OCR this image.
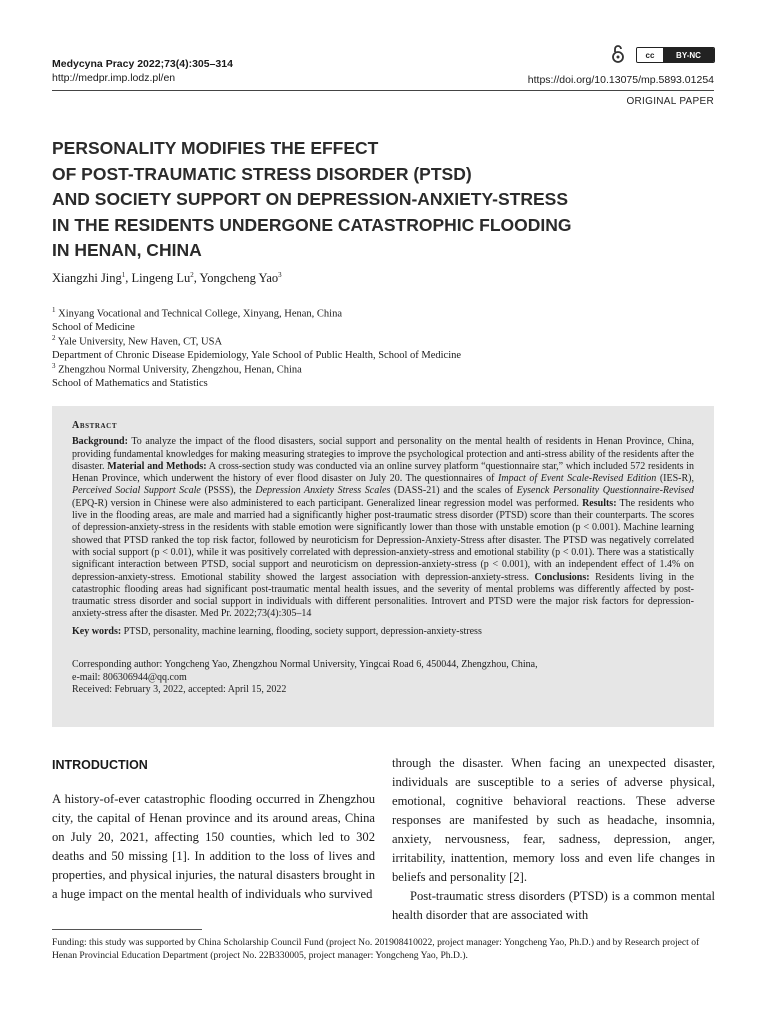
Medycyna Pracy 2022;73(4):305–314
http://medpr.imp.lodz.pl/en
cc	BY-NC
https://doi.org/10.13075/mp.5893.01254
ORIGINAL PAPER
PERSONALITY MODIFIES THE EFFECT
OF POST-TRAUMATIC STRESS DISORDER (PTSD)
AND SOCIETY SUPPORT ON DEPRESSION-ANXIETY-STRESS
IN THE RESIDENTS UNDERGONE CATASTROPHIC FLOODING
IN HENAN, CHINA
Xiangzhi Jing$^1$, Lingeng Lu$^2$, Yongcheng Yao$^3$
$^1$ Xinyang Vocational and Technical College, Xinyang, Henan, China
School of Medicine
$^2$ Yale University, New Haven, CT, USA
Department of Chronic Disease Epidemiology, Yale School of Public Health, School of Medicine
$^3$ Zhengzhou Normal University, Zhengzhou, Henan, China
School of Mathematics and Statistics
Abstract

Background: To analyze the impact of the flood disasters, social support and personality on the mental health of residents in Henan Province, China, providing fundamental knowledges for making measuring strategies to improve the psychological protection and anti-stress ability of the residents after the disaster. Material and Methods: A cross-section study was conducted via an online survey platform “questionnaire star,” which included 572 residents in Henan Province, which underwent the history of ever flood disaster on July 20. The questionnaires of Impact of Event Scale-Revised Edition (IES-R), Perceived Social Support Scale (PSSS), the Depression Anxiety Stress Scales (DASS-21) and the scales of Eysenck Personality Questionnaire-Revised (EPQ-R) version in Chinese were also administered to each participant. Generalized linear regression model was performed. Results: The residents who live in the flooding areas, are male and married had a significantly higher post-traumatic stress disorder (PTSD) score than their counterparts. The scores of depression-anxiety-stress in the residents with stable emotion were significantly lower than those with unstable emotion (p < 0.001). Machine learning showed that PTSD ranked the top risk factor, followed by neuroticism for Depression-Anxiety-Stress after disaster. The PTSD was negatively correlated with social support (p < 0.01), while it was positively correlated with depression-anxiety-stress and emotional stability (p < 0.01). There was a statistically significant interaction between PTSD, social support and neuroticism on depression-anxiety-stress (p < 0.001), with an independent effect of 1.4% on depression-anxiety-stress. Emotional stability showed the largest association with depression-anxiety-stress. Conclusions: Residents living in the catastrophic flooding areas had significant post-traumatic mental health issues, and the severity of mental problems was differently affected by post-traumatic stress disorder and social support in individuals with different personalities. Introvert and PTSD were the major risk factors for depression-anxiety-stress after the disaster. Med Pr. 2022;73(4):305–14

Key words: PTSD, personality, machine learning, flooding, society support, depression-anxiety-stress
Corresponding author: Yongcheng Yao, Zhengzhou Normal University, Yingcai Road 6, 450044, Zhengzhou, China,
e-mail: 806306944@qq.com
Received: February 3, 2022, accepted: April 15, 2022
INTRODUCTION

A history-of-ever catastrophic flooding occurred in Zhengzhou city, the capital of Henan province and its around areas, China on July 20, 2021, affecting 150 counties, which led to 302 deaths and 50 missing [1]. In addition to the loss of lives and properties, and physical injuries, the natural disasters brought in a huge impact on the mental health of individuals who survived

through the disaster. When facing an unexpected disaster, individuals are susceptible to a series of adverse physical, emotional, cognitive behavioral reactions. These adverse responses are manifested by such as headache, insomnia, anxiety, nervousness, fear, sadness, depression, anger, irritability, inattention, memory loss and even life changes in beliefs and personality [2].

Post-traumatic stress disorders (PTSD) is a common mental health disorder that are associated with

Funding: this study was supported by China Scholarship Council Fund (project No. 201908410022, project manager: Yongcheng Yao, Ph.D.) and by Research project of Henan Provincial Education Department (project No. 22B330005, project manager: Yongcheng Yao, Ph.D.).
